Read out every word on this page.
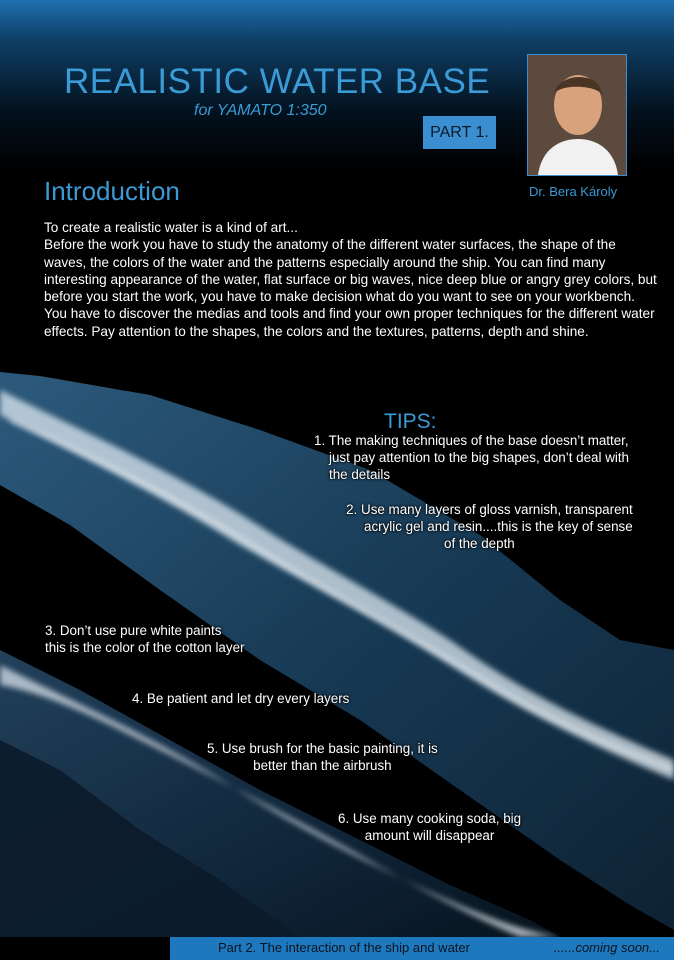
REALISTIC WATER BASE
for YAMATO 1:350
PART 1.
Dr. Bera Károly
Introduction

To create a realistic water is a kind of art...

Before the work you have to study the anatomy of the different water surfaces, the shape of the waves, the colors of the water and the patterns especially around the ship. You can find many interesting appearance of the water, flat surface or big waves, nice deep blue or angry grey colors, but before you start the work, you have to make decision what do you want to see on your workbench.

You have to discover the medias and tools and find your own proper techniques for the different water effects. Pay attention to the shapes, the colors and the textures, patterns, depth and shine.

TIPS:
1. The making techniques of the base doesn’t matter,
just pay attention to the big shapes, don’t deal with
the details
2. Use many layers of gloss varnish, transparent
acrylic gel and resin....this is the key of sense
of the depth
3. Don’t use pure white paints
this is the color of the cotton layer
4. Be patient and let dry every layers
5. Use brush for the basic painting, it is
better than the airbrush
6. Use many cooking soda, big
amount will disappear
Part 2. The interaction of the ship and water	......coming soon...
